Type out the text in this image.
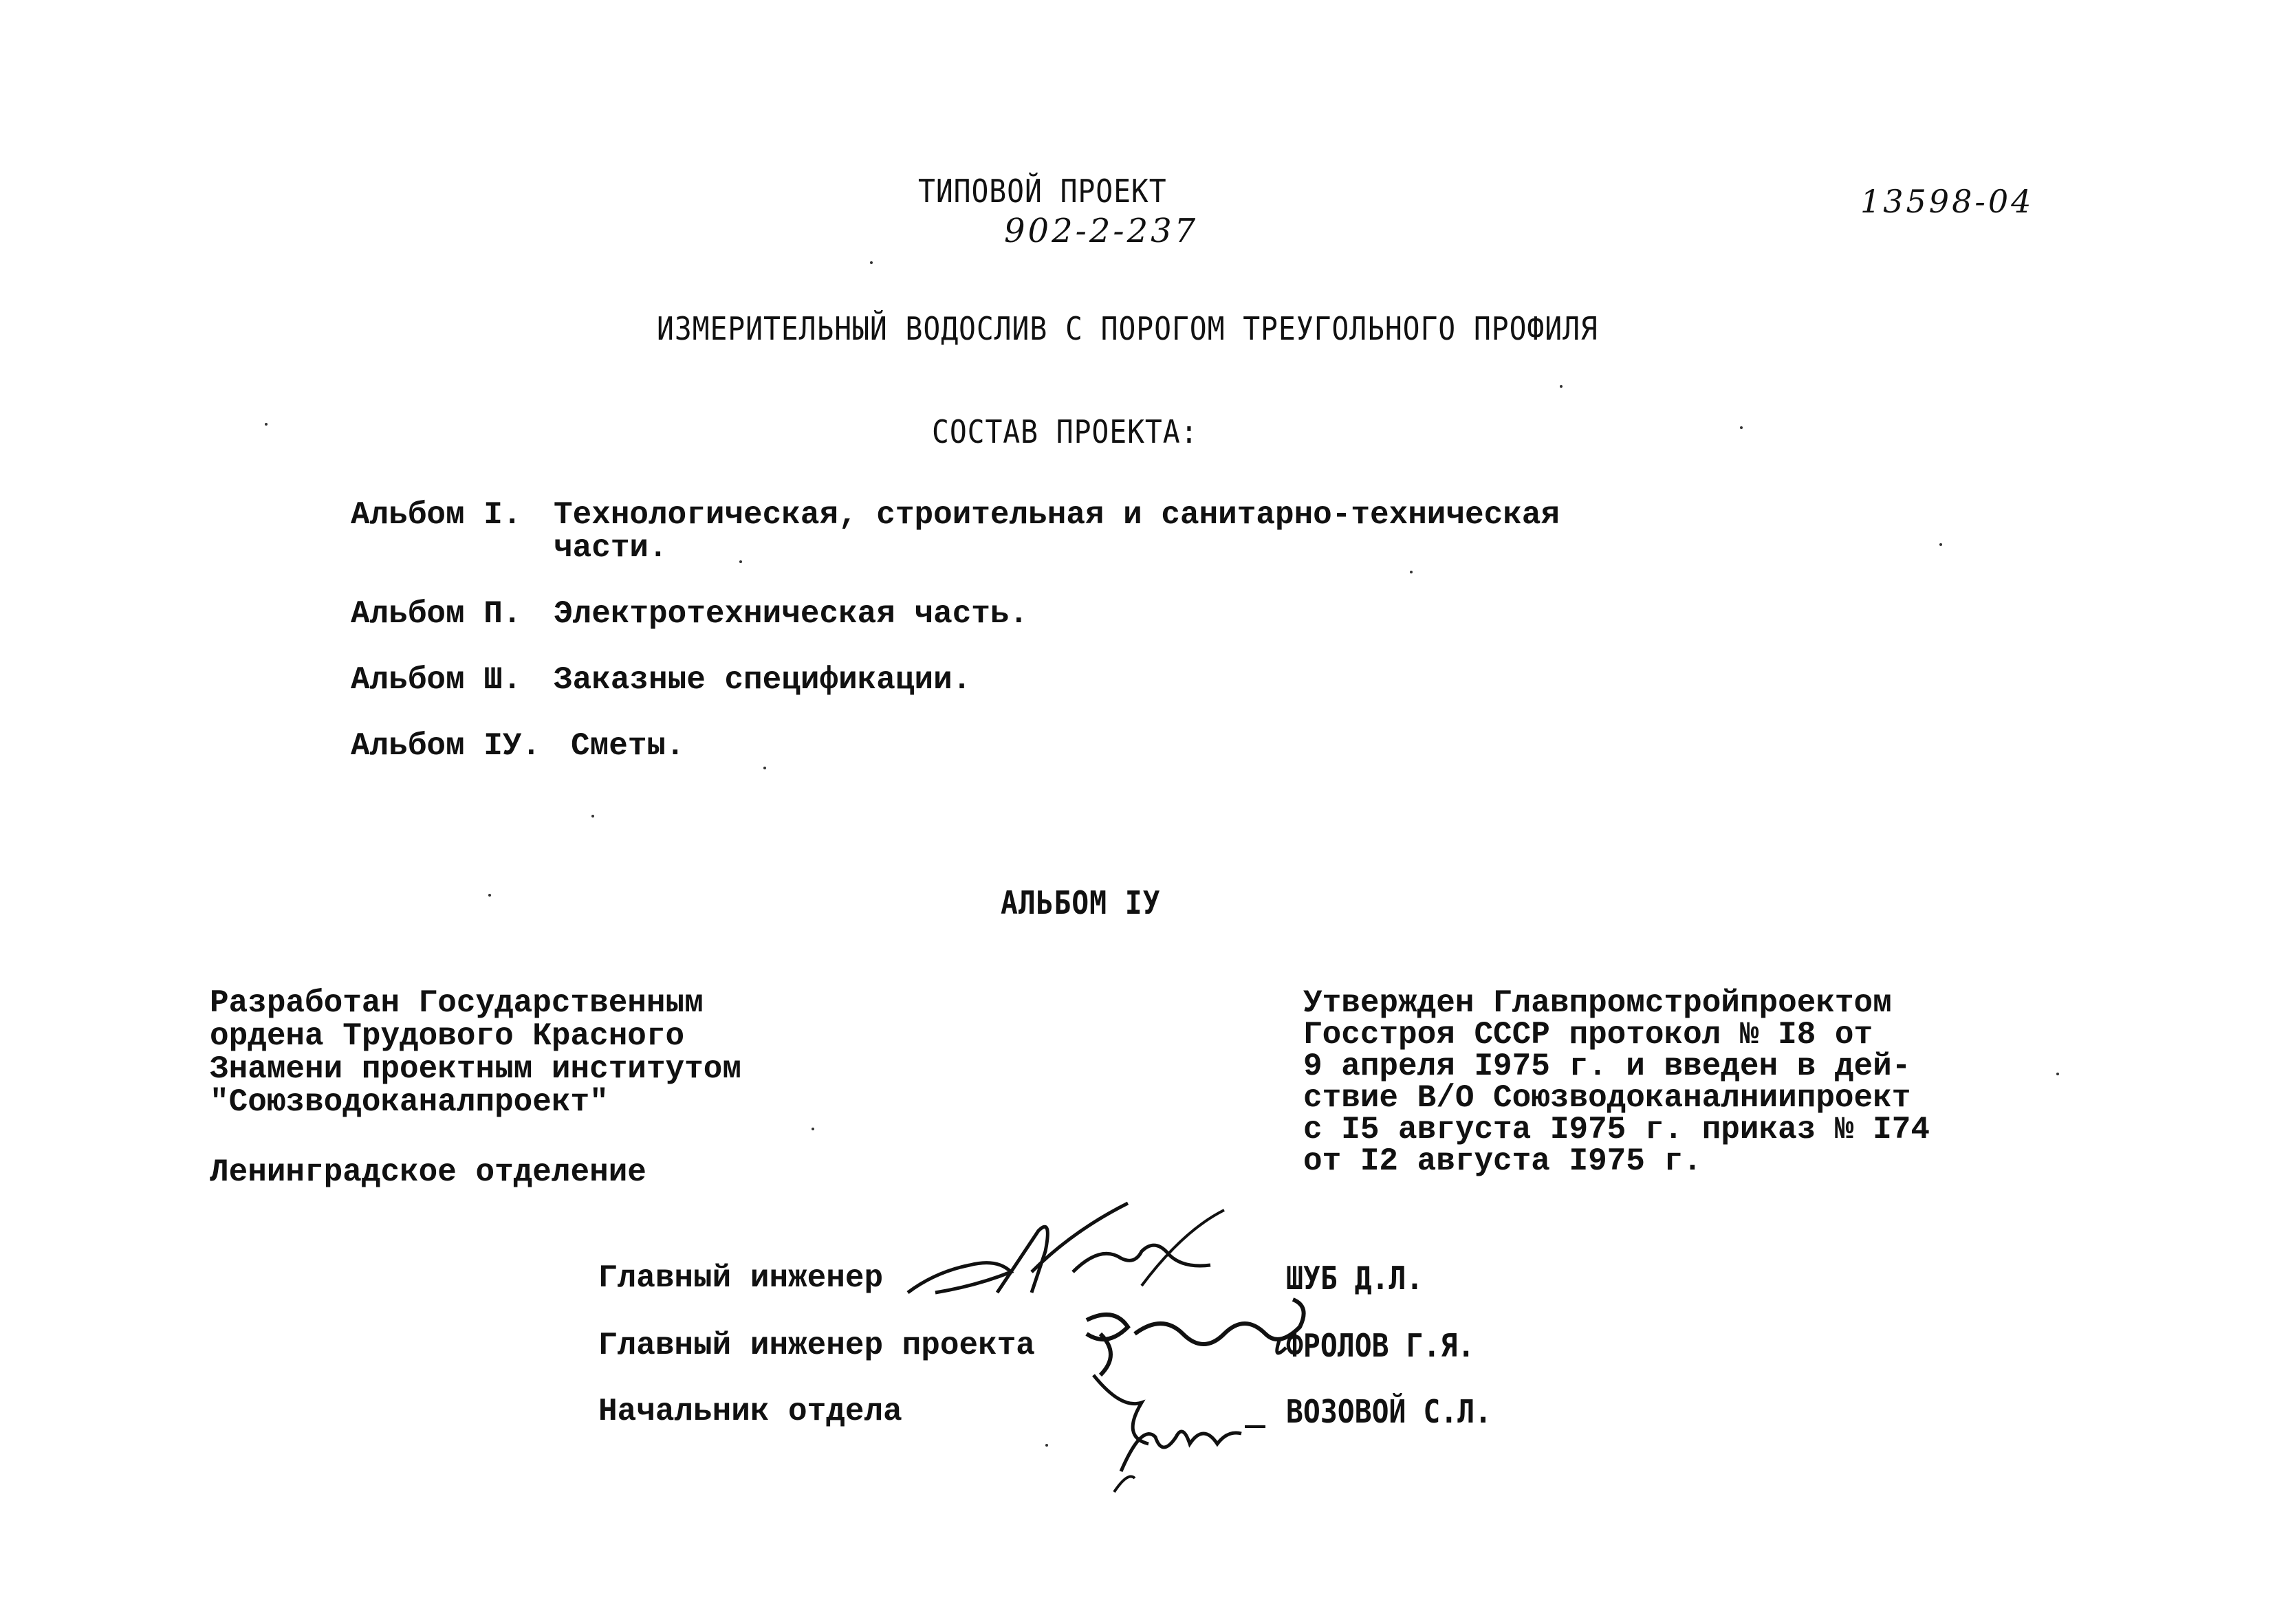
ТИПОВОЙ ПРОЕКТ
902-2-237
13598-04
ИЗМЕРИТЕЛЬНЫЙ ВОДОСЛИВ С ПОРОГОМ ТРЕУГОЛЬНОГО ПРОФИЛЯ
СОСТАВ ПРОЕКТА:
Альбом I. Технологическая, строительная и санитарно-техническая
части.
Альбом П. Электротехническая часть.
Альбом Ш. Заказные спецификации.
Альбом IУ. Сметы.
АЛЬБОМ IУ
Разработан Государственным
ордена Трудового Красного
Знамени проектным институтом
"Союзводоканалпроект"
Ленинградское отделение
Утвержден Главпромстройпроектом
Госстроя СССР протокол № I8 от
9 апреля I975 г. и введен в дей-
ствие В/О Союзводоканалниипроект
с I5 августа I975 г. приказ № I74
от I2 августа I975 г.
Главный инженер	ШУБ Д.Л.
Главный инженер проекта	ФРОЛОВ Г.Я.
Начальник отдела	ВОЗОВОЙ С.Л.
